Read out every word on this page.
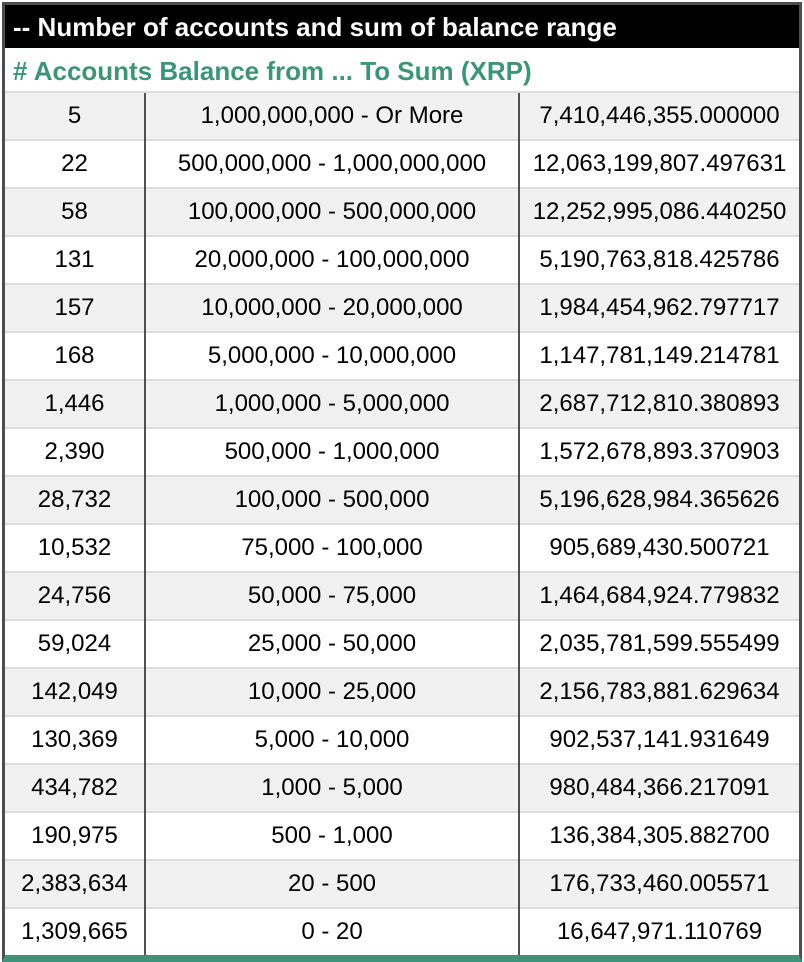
-- Number of accounts and sum of balance range
# Accounts Balance from ... To Sum (XRP)
5	1,000,000,000 - Or More	7,410,446,355.000000
22	500,000,000 - 1,000,000,000	12,063,199,807.497631
58	100,000,000 - 500,000,000	12,252,995,086.440250
131	20,000,000 - 100,000,000	5,190,763,818.425786
157	10,000,000 - 20,000,000	1,984,454,962.797717
168	5,000,000 - 10,000,000	1,147,781,149.214781
1,446	1,000,000 - 5,000,000	2,687,712,810.380893
2,390	500,000 - 1,000,000	1,572,678,893.370903
28,732	100,000 - 500,000	5,196,628,984.365626
10,532	75,000 - 100,000	905,689,430.500721
24,756	50,000 - 75,000	1,464,684,924.779832
59,024	25,000 - 50,000	2,035,781,599.555499
142,049	10,000 - 25,000	2,156,783,881.629634
130,369	5,000 - 10,000	902,537,141.931649
434,782	1,000 - 5,000	980,484,366.217091
190,975	500 - 1,000	136,384,305.882700
2,383,634	20 - 500	176,733,460.005571
1,309,665	0 - 20	16,647,971.110769
